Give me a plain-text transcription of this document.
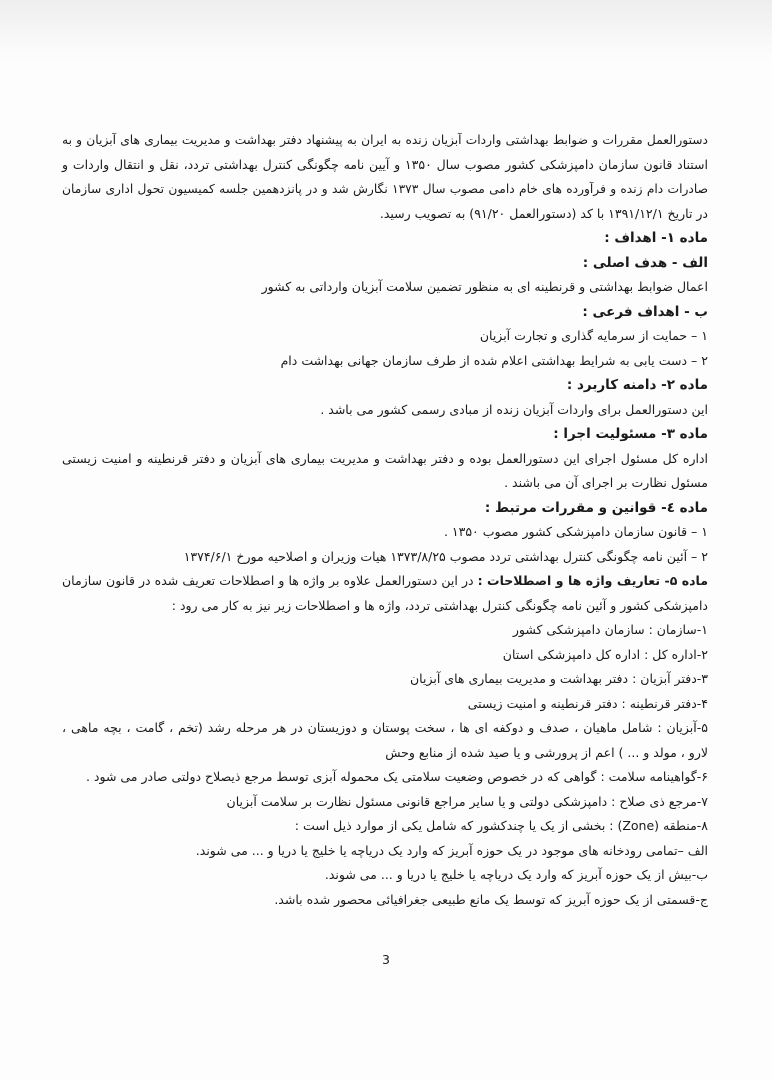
دستورالعمل مقررات و ضوابط بهداشتی واردات آبزیان زنده به ایران به پیشنهاد دفتر بهداشت و مدیریت بیماری های آبزیان و به

استناد قانون سازمان دامپزشکی کشور مصوب سال ۱۳۵۰ و آیین نامه چگونگی کنترل بهداشتی تردد، نقل و انتقال واردات و

صادرات دام زنده و فرآورده های خام دامی مصوب سال ۱۳۷۳ نگارش شد و در پانزدهمین جلسه کمیسیون تحول اداری سازمان

در تاریخ ۱۳۹۱/۱۲/۱ با کد (دستورالعمل ۹۱/۲۰) به تصویب رسید.

ماده ۱- اهداف :

الف - هدف اصلی :

اعمال ضوابط بهداشتی و قرنطینه ای به منظور تضمین سلامت آبزیان وارداتی به کشور

ب - اهداف فرعی :

۱ – حمایت از سرمایه گذاری و تجارت آبزیان

۲ – دست یابی به شرایط بهداشتی اعلام شده از طرف سازمان جهانی بهداشت دام

ماده ۲- دامنه کاربرد :

این دستورالعمل برای واردات آبزیان زنده از مبادی رسمی کشور می باشد .

ماده ۳- مسئولیت اجرا :

اداره کل مسئول اجرای این دستورالعمل بوده و دفتر بهداشت و مدیریت بیماری های آبزیان و دفتر قرنطینه و امنیت زیستی

مسئول نظارت بر اجرای آن می باشند .

ماده ٤- قوانین و مقررات مرتبط :

۱ – قانون سازمان دامپزشکی کشور مصوب ۱۳۵۰ .

۲ – آئین نامه چگونگی کنترل بهداشتی تردد مصوب ۱۳۷۳/۸/۲۵ هیات وزیران و اصلاحیه مورخ ۱۳۷۴/۶/۱

ماده ۵- تعاریف واژه ها و اصطلاحات : در این دستورالعمل علاوه بر واژه ها و اصطلاحات تعریف شده در قانون سازمان

دامپزشکی کشور و آئین نامه چگونگی کنترل بهداشتی تردد، واژه ها و اصطلاحات زیر نیز به کار می رود :

۱-سازمان : سازمان دامپزشکی کشور

۲-اداره کل : اداره کل دامپزشکی استان

۳-دفتر آبزیان : دفتر بهداشت و مدیریت بیماری های آبزیان

۴-دفتر قرنطینه : دفتر قرنطینه و امنیت زیستی

۵-آبزیان : شامل ماهیان ، صدف و دوکفه ای ها ، سخت پوستان و دوزیستان در هر مرحله رشد (تخم ، گامت ، بچه ماهی ،

لارو ، مولد و ... ) اعم از پرورشی و یا صید شده از منابع وحش

۶-گواهینامه سلامت : گواهی که در خصوص وضعیت سلامتی یک محموله آبزی توسط مرجع ذیصلاح دولتی صادر می شود .

۷-مرجع ذی صلاح : دامپزشکی دولتی و یا سایر مراجع قانونی مسئول نظارت بر سلامت آبزیان

۸-منطقه (Zone) : بخشی از یک یا چندکشور که شامل یکی از موارد ذیل است :

الف –تمامی رودخانه های موجود در یک حوزه آبریز که وارد یک دریاچه یا خلیج یا دریا و ... می شوند.

ب-بیش از یک حوزه آبریز که وارد یک دریاچه یا خلیج یا دریا و ... می شوند.

ج-قسمتی از یک حوزه آبریز که توسط یک مانع طبیعی جغرافیائی محصور شده باشد.

3
